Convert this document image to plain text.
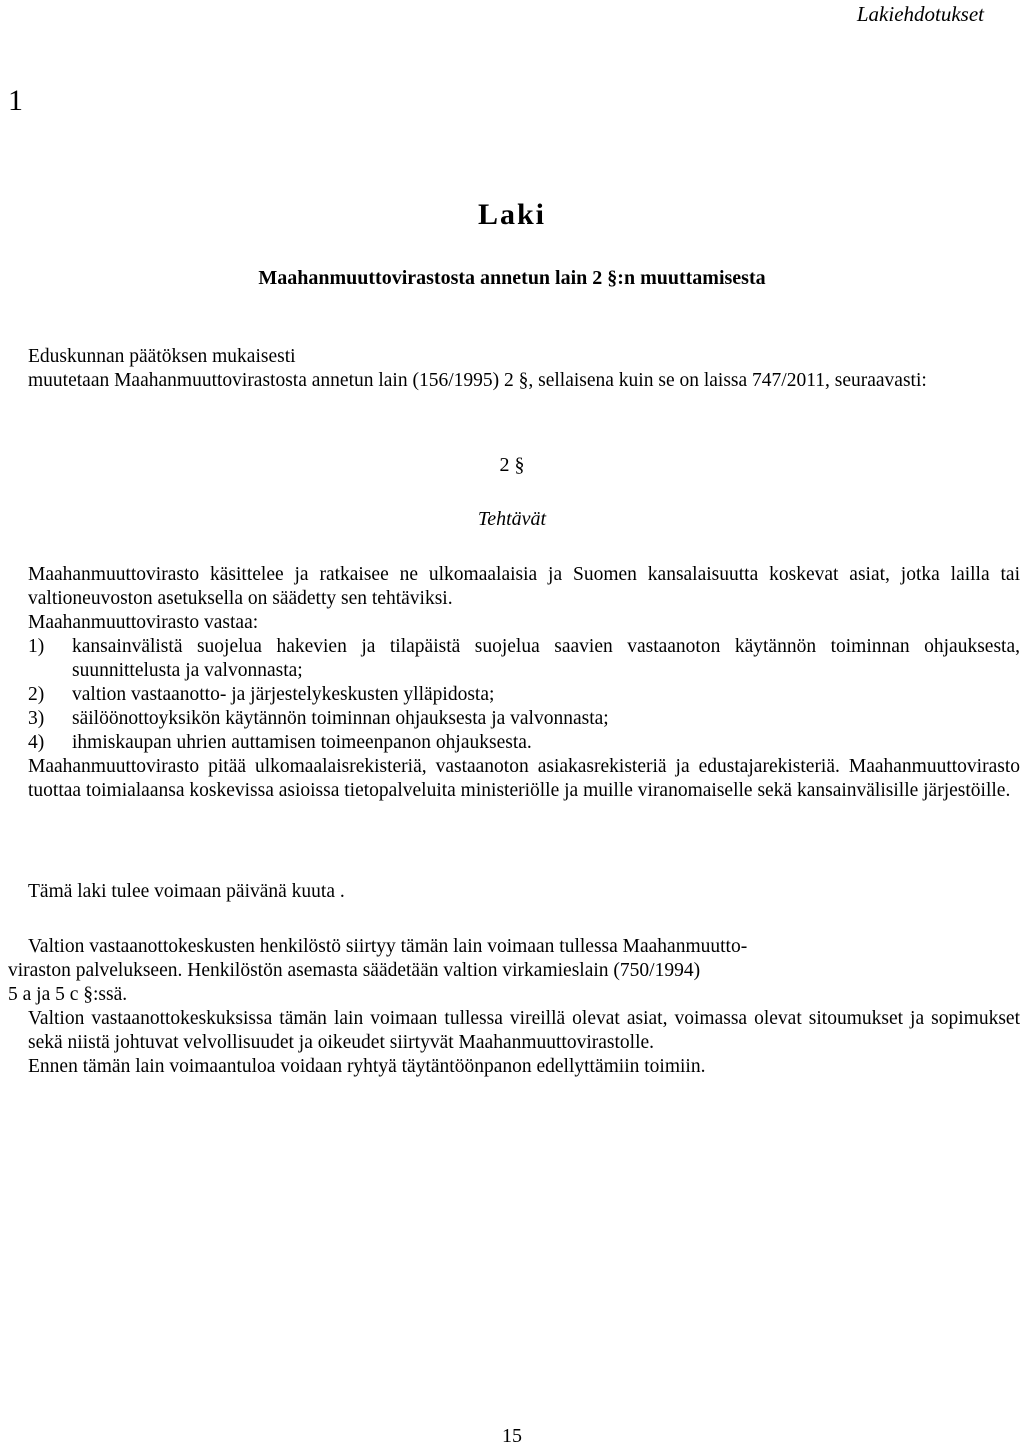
Lakiehdotukset
1
Laki
Maahanmuuttovirastosta annetun lain 2 §:n muuttamisesta
Eduskunnan päätöksen mukaisesti
muutetaan Maahanmuuttovirastosta annetun lain (156/1995) 2 §, sellaisena kuin se on laissa 747/2011, seuraavasti:
2 §
Tehtävät
Maahanmuuttovirasto käsittelee ja ratkaisee ne ulkomaalaisia ja Suomen kansalaisuutta koskevat asiat, jotka lailla tai valtioneuvoston asetuksella on säädetty sen tehtäviksi.
Maahanmuuttovirasto vastaa:
1)	kansainvälistä suojelua hakevien ja tilapäistä suojelua saavien vastaanoton käytännön toiminnan ohjauksesta, suunnittelusta ja valvonnasta;
2)	valtion vastaanotto- ja järjestelykeskusten ylläpidosta;
3)	säilöönottoyksikön käytännön toiminnan ohjauksesta ja valvonnasta;
4)	ihmiskaupan uhrien auttamisen toimeenpanon ohjauksesta.
Maahanmuuttovirasto pitää ulkomaalaisrekisteriä, vastaanoton asiakasrekisteriä ja edustajarekisteriä. Maahanmuuttovirasto tuottaa toimialaansa koskevissa asioissa tietopalveluita ministeriölle ja muille viranomaiselle sekä kansainvälisille järjestöille.
Tämä laki tulee voimaan päivänä kuuta .
Valtion vastaanottokeskusten henkilöstö siirtyy tämän lain voimaan tullessa Maahanmuutto-
viraston palvelukseen. Henkilöstön asemasta säädetään valtion virkamieslain (750/1994)
5 a ja 5 c §:ssä.
Valtion vastaanottokeskuksissa tämän lain voimaan tullessa vireillä olevat asiat, voimassa olevat sitoumukset ja sopimukset sekä niistä johtuvat velvollisuudet ja oikeudet siirtyvät Maahanmuuttovirastolle.
Ennen tämän lain voimaantuloa voidaan ryhtyä täytäntöönpanon edellyttämiin toimiin.
15
